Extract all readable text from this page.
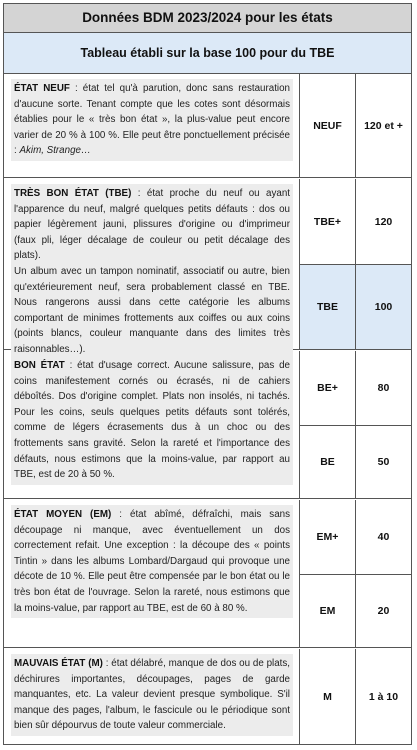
Données BDM 2023/2024 pour les états
Tableau établi sur la base 100 pour du TBE
ÉTAT NEUF : état tel qu'à parution, donc sans restauration d'aucune sorte. Tenant compte que les cotes sont désormais établies pour le « très bon état », la plus-value peut encore varier de 20 % à 100 %. Elle peut être ponctuellement précisée : Akim, Strange…
NEUF	120 et +
TRÈS BON ÉTAT (TBE) : état proche du neuf ou ayant l'apparence du neuf, malgré quelques petits défauts : dos ou papier légèrement jauni, plissures d'origine ou d'imprimeur (faux pli, léger décalage de couleur ou petit décalage des plats).
Un album avec un tampon nominatif, associatif ou autre, bien qu'extérieurement neuf, sera probablement classé en TBE. Nous rangerons aussi dans cette catégorie les albums comportant de minimes frottements aux coiffes ou aux coins (points blancs, couleur manquante dans des limites très raisonnables…).
TBE+	120
TBE	100
BON ÉTAT : état d'usage correct. Aucune salissure, pas de coins manifestement cornés ou écrasés, ni de cahiers déboîtés. Dos d'origine complet. Plats non insolés, ni tachés. Pour les coins, seuls quelques petits défauts sont tolérés, comme de légers écrasements dus à un choc ou des frottements sans gravité. Selon la rareté et l'importance des défauts, nous estimons que la moins-value, par rapport au TBE, est de 20 à 50 %.
BE+	80
BE	50
ÉTAT MOYEN (EM) : état abîmé, défraîchi, mais sans découpage ni manque, avec éventuellement un dos correctement refait. Une exception : la découpe des « points Tintin » dans les albums Lombard/Dargaud qui provoque une décote de 10 %. Elle peut être compensée par le bon état ou le très bon état de l'ouvrage. Selon la rareté, nous estimons que la moins-value, par rapport au TBE, est de 60 à 80 %.
EM+	40
EM	20
MAUVAIS ÉTAT (M) : état délabré, manque de dos ou de plats, déchirures importantes, découpages, pages de garde manquantes, etc. La valeur devient presque symbolique. S'il manque des pages, l'album, le fascicule ou le périodique sont bien sûr dépourvus de toute valeur commerciale.
M	1 à 10
